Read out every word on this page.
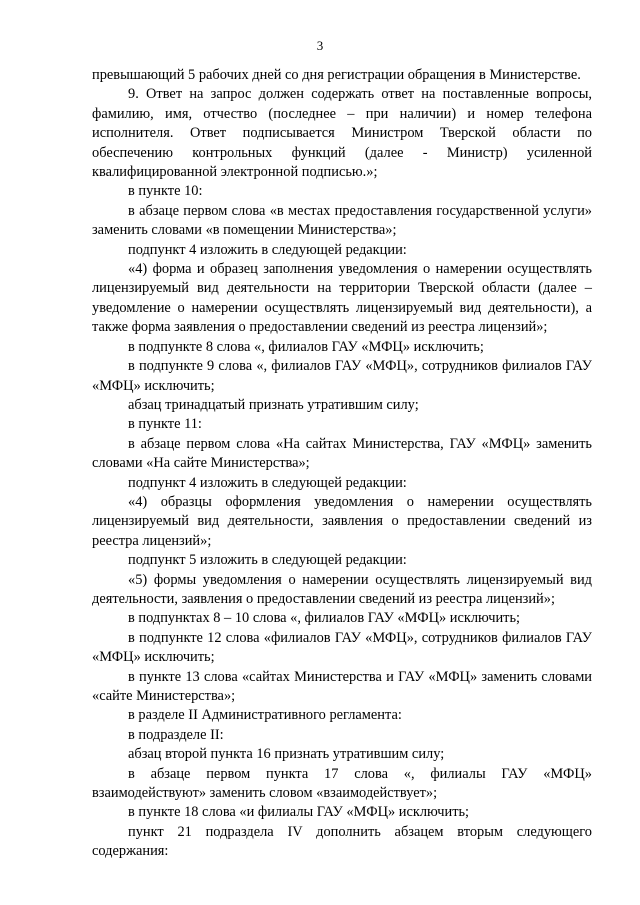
3

превышающий 5 рабочих дней со дня регистрации обращения в Министерстве.

9. Ответ на запрос должен содержать ответ на поставленные вопросы, фамилию, имя, отчество (последнее – при наличии) и номер телефона исполнителя. Ответ подписывается Министром Тверской области по обеспечению контрольных функций (далее - Министр) усиленной квалифицированной электронной подписью.»;

в пункте 10:

в абзаце первом слова «в местах предоставления государственной услуги» заменить словами «в помещении Министерства»;

подпункт 4 изложить в следующей редакции:

«4) форма и образец заполнения уведомления о намерении осуществлять лицензируемый вид деятельности на территории Тверской области (далее – уведомление о намерении осуществлять лицензируемый вид деятельности), а также форма заявления о предоставлении сведений из реестра лицензий»;

в подпункте 8 слова «, филиалов ГАУ «МФЦ» исключить;

в подпункте 9 слова «, филиалов ГАУ «МФЦ», сотрудников филиалов ГАУ «МФЦ» исключить;

абзац тринадцатый признать утратившим силу;

в пункте 11:

в абзаце первом слова «На сайтах Министерства, ГАУ «МФЦ» заменить словами «На сайте Министерства»;

подпункт 4 изложить в следующей редакции:

«4) образцы оформления уведомления о намерении осуществлять лицензируемый вид деятельности, заявления о предоставлении сведений из реестра лицензий»;

подпункт 5 изложить в следующей редакции:

«5) формы уведомления о намерении осуществлять лицензируемый вид деятельности, заявления о предоставлении сведений из реестра лицензий»;

в подпунктах 8 – 10 слова «, филиалов ГАУ «МФЦ» исключить;

в подпункте 12 слова «филиалов ГАУ «МФЦ», сотрудников филиалов ГАУ «МФЦ» исключить;

в пункте 13 слова «сайтах Министерства и ГАУ «МФЦ» заменить словами «сайте Министерства»;

в разделе II Административного регламента:

в подразделе II:

абзац второй пункта 16 признать утратившим силу;

в абзаце первом пункта 17 слова «, филиалы ГАУ «МФЦ» взаимодействуют» заменить словом «взаимодействует»;

в пункте 18 слова «и филиалы ГАУ «МФЦ» исключить;

пункт 21 подраздела IV дополнить абзацем вторым следующего содержания:
